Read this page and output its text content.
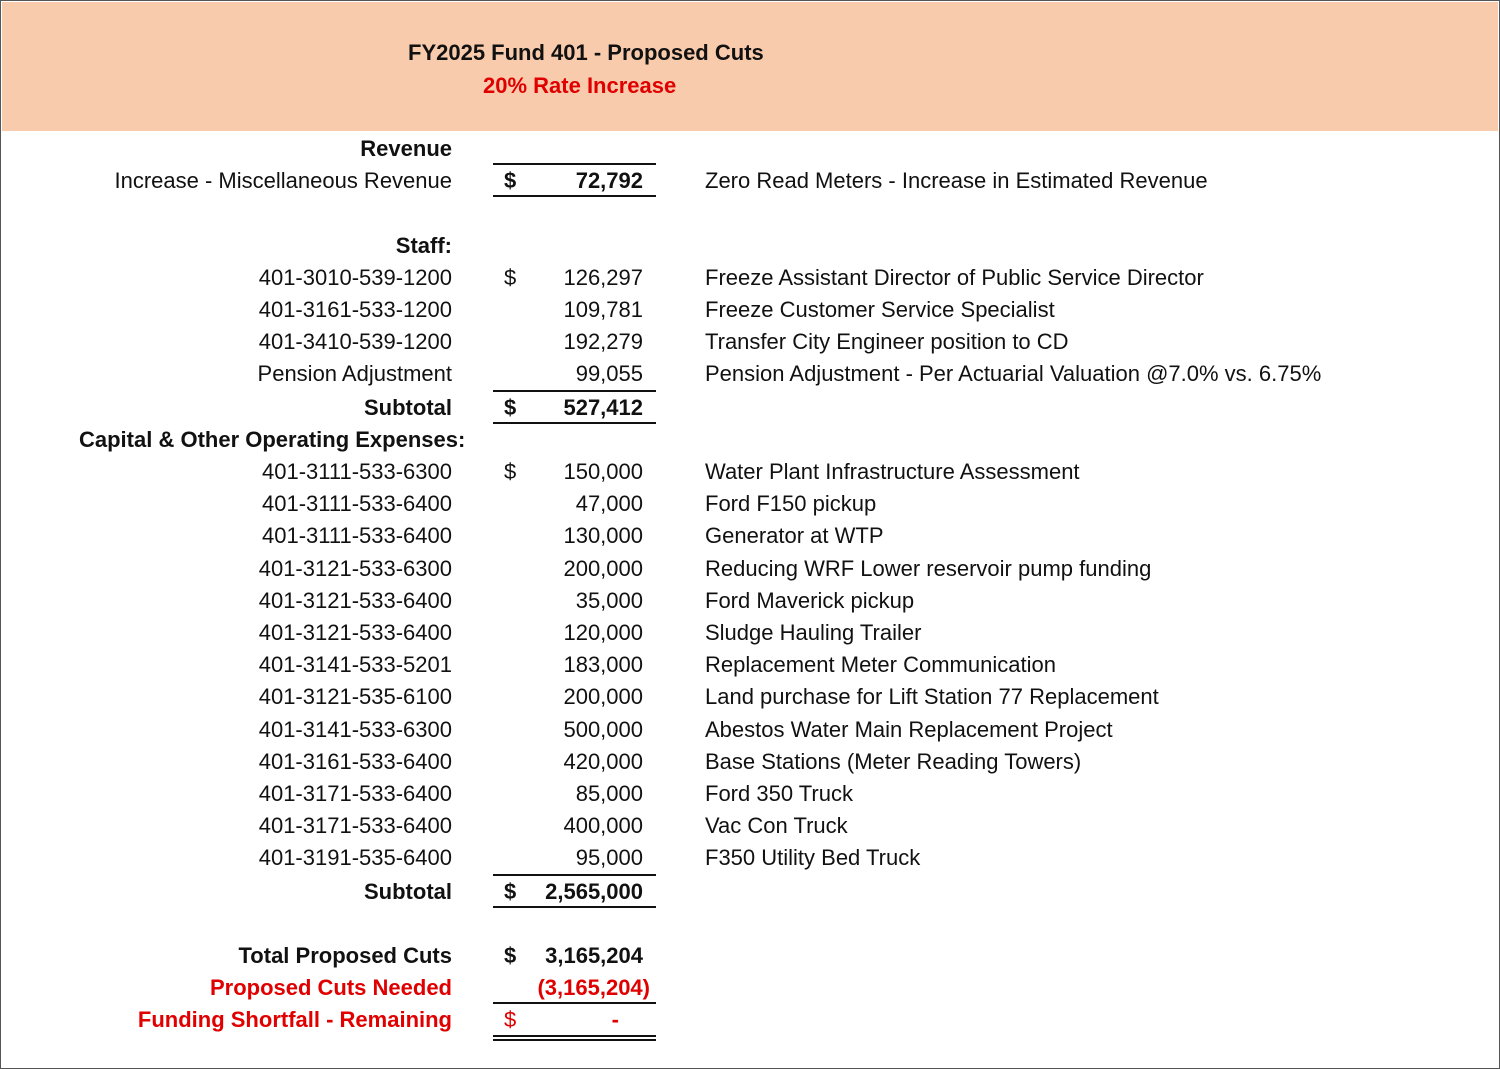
FY2025 Fund 401 - Proposed Cuts
20% Rate Increase
Revenue
Increase - Miscellaneous Revenue $	72,792	Zero Read Meters - Increase in Estimated Revenue
Staff:
401-3010-539-1200 $ 126,297	Freeze Assistant Director of Public Service Director
401-3161-533-1200	109,781	Freeze Customer Service Specialist
401-3410-539-1200	192,279	Transfer City Engineer position to CD
Pension Adjustment	99,055	Pension Adjustment - Per Actuarial Valuation @7.0% vs. 6.75%
Subtotal $ 527,412
Capital & Other Operating Expenses:
401-3111-533-6300 $ 150,000	Water Plant Infrastructure Assessment
401-3111-533-6400	47,000	Ford F150 pickup
401-3111-533-6400	130,000	Generator at WTP
401-3121-533-6300	200,000	Reducing WRF Lower reservoir pump funding
401-3121-533-6400	35,000	Ford Maverick pickup
401-3121-533-6400	120,000	Sludge Hauling Trailer
401-3141-533-5201	183,000	Replacement Meter Communication
401-3121-535-6100	200,000	Land purchase for Lift Station 77 Replacement
401-3141-533-6300	500,000	Abestos Water Main Replacement Project
401-3161-533-6400	420,000	Base Stations (Meter Reading Towers)
401-3171-533-6400	85,000	Ford 350 Truck
401-3171-533-6400	400,000	Vac Con Truck
401-3191-535-6400	95,000	F350 Utility Bed Truck
Subtotal $ 2,565,000
Total Proposed Cuts $ 3,165,204
Proposed Cuts Needed	(3,165,204)
Funding Shortfall - Remaining $	-
